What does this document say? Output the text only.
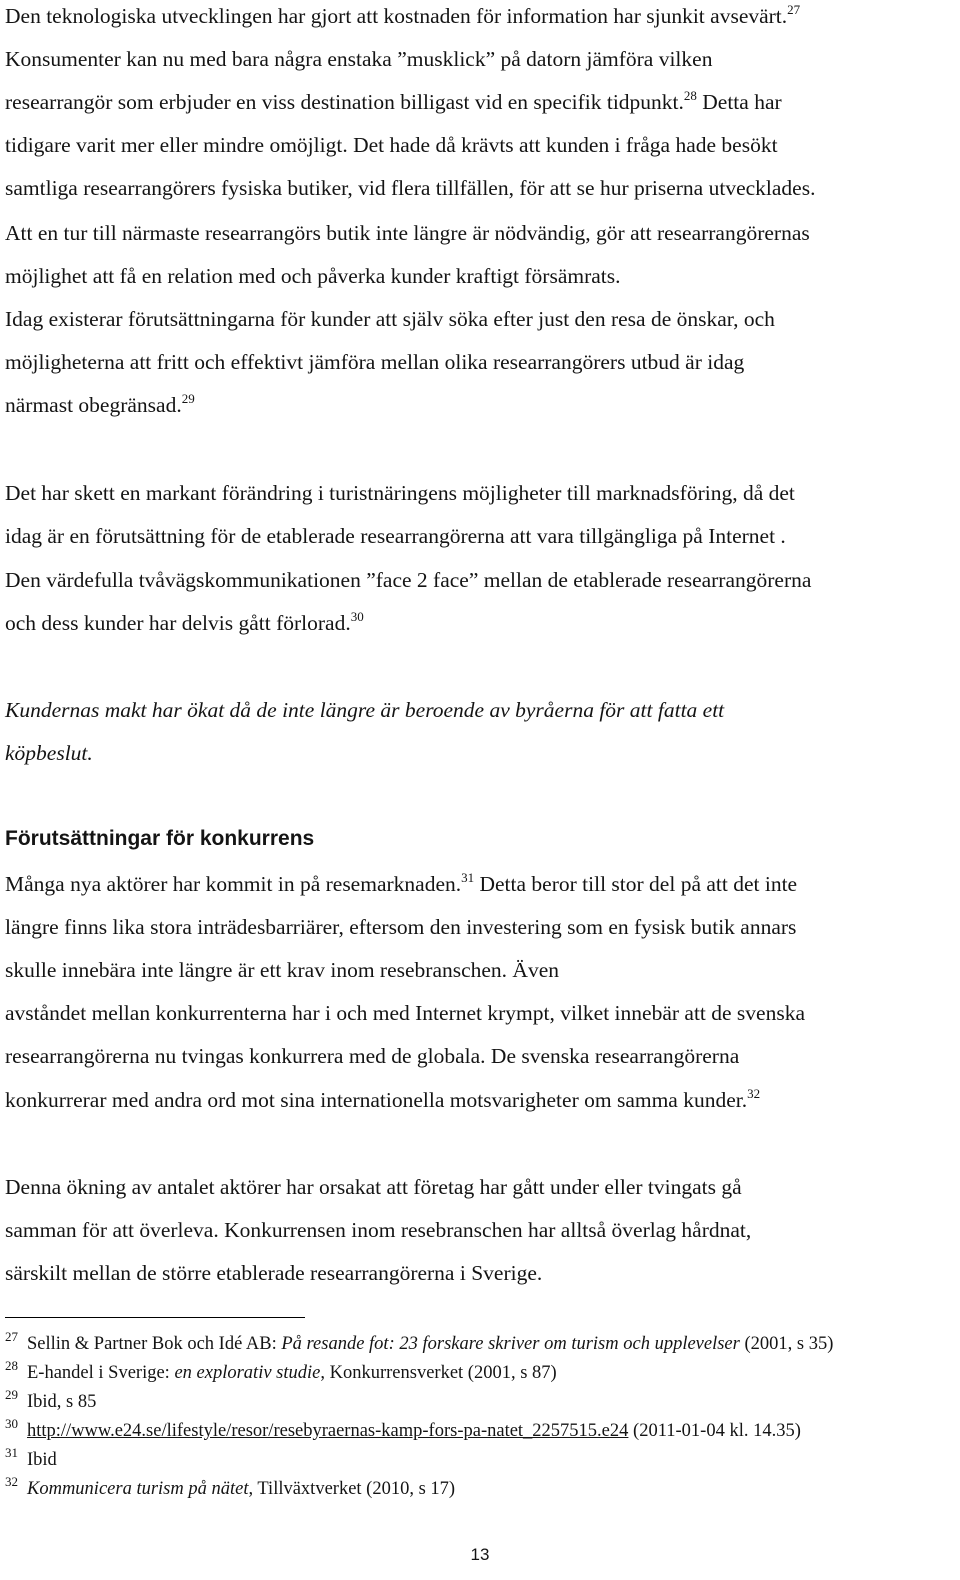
Den teknologiska utvecklingen har gjort att kostnaden för information har sjunkit avsevärt.$^{27}$
Konsumenter kan nu med bara några enstaka ”musklick” på datorn jämföra vilken
researrangör som erbjuder en viss destination billigast vid en specifik tidpunkt.$^{28}$ Detta har
tidigare varit mer eller mindre omöjligt. Det hade då krävts att kunden i fråga hade besökt
samtliga researrangörers fysiska butiker, vid flera tillfällen, för att se hur priserna utvecklades.
Att en tur till närmaste researrangörs butik inte längre är nödvändig, gör att researrangörernas
möjlighet att få en relation med och påverka kunder kraftigt försämrats.
Idag existerar förutsättningarna för kunder att själv söka efter just den resa de önskar, och
möjligheterna att fritt och effektivt jämföra mellan olika researrangörers utbud är idag
närmast obegränsad.$^{29}$
Det har skett en markant förändring i turistnäringens möjligheter till marknadsföring, då det
idag är en förutsättning för de etablerade researrangörerna att vara tillgängliga på Internet .
Den värdefulla tvåvägskommunikationen ”face 2 face” mellan de etablerade researrangörerna
och dess kunder har delvis gått förlorad.$^{30}$
Kundernas makt har ökat då de inte längre är beroende av byråerna för att fatta ett
köpbeslut.
Förutsättningar för konkurrens
Många nya aktörer har kommit in på resemarknaden.$^{31}$ Detta beror till stor del på att det inte
längre finns lika stora inträdesbarriärer, eftersom den investering som en fysisk butik annars
skulle innebära inte längre är ett krav inom resebranschen. Även
avståndet mellan konkurrenterna har i och med Internet krympt, vilket innebär att de svenska
researrangörerna nu tvingas konkurrera med de globala. De svenska researrangörerna
konkurrerar med andra ord mot sina internationella motsvarigheter om samma kunder.$^{32}$
Denna ökning av antalet aktörer har orsakat att företag har gått under eller tvingats gå
samman för att överleva. Konkurrensen inom resebranschen har alltså överlag hårdnat,
särskilt mellan de större etablerade researrangörerna i Sverige.
27 Sellin & Partner Bok och Idé AB: På resande fot: 23 forskare skriver om turism och upplevelser (2001, s 35)
28 E-handel i Sverige: en explorativ studie, Konkurrensverket (2001, s 87)
29 Ibid, s 85
30 http://www.e24.se/lifestyle/resor/resebyraernas-kamp-fors-pa-natet_2257515.e24 (2011-01-04 kl. 14.35)
31 Ibid
32 Kommunicera turism på nätet, Tillväxtverket (2010, s 17)
13
